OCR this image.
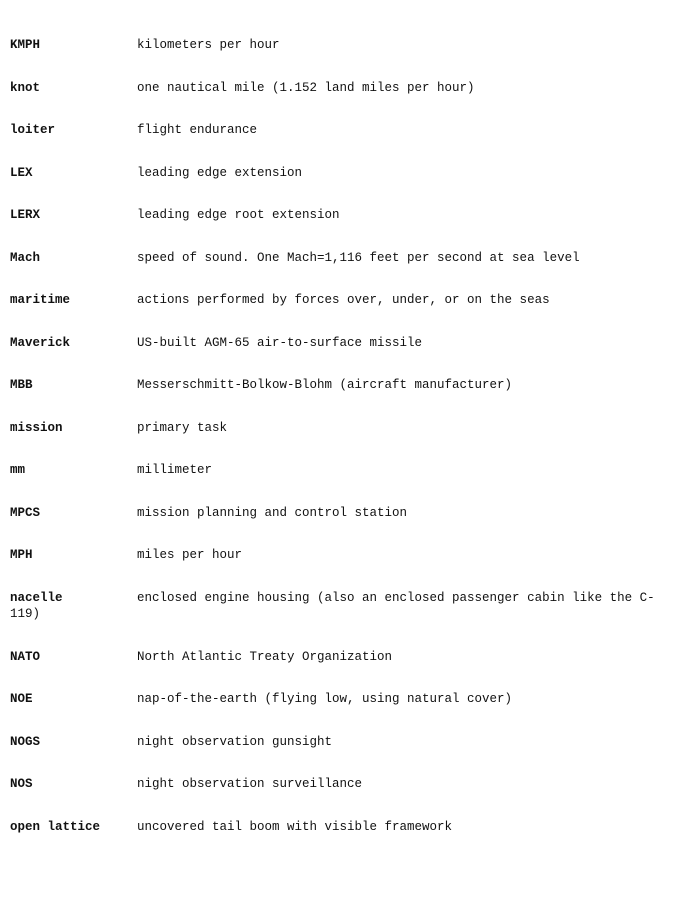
KMPH	kilometers per hour
knot	one nautical mile (1.152 land miles per hour)
loiter	flight endurance
LEX	leading edge extension
LERX	leading edge root extension
Mach	speed of sound. One Mach=1,116 feet per second at sea level
maritime	actions performed by forces over, under, or on the seas
Maverick	US-built AGM-65 air-to-surface missile
MBB	Messerschmitt-Bolkow-Blohm (aircraft manufacturer)
mission	primary task
mm	millimeter
MPCS	mission planning and control station
MPH	miles per hour
nacelle	enclosed engine housing (also an enclosed passenger cabin like the C-
119)
NATO	North Atlantic Treaty Organization
NOE	nap-of-the-earth (flying low, using natural cover)
NOGS	night observation gunsight
NOS	night observation surveillance
open lattice	uncovered tail boom with visible framework
